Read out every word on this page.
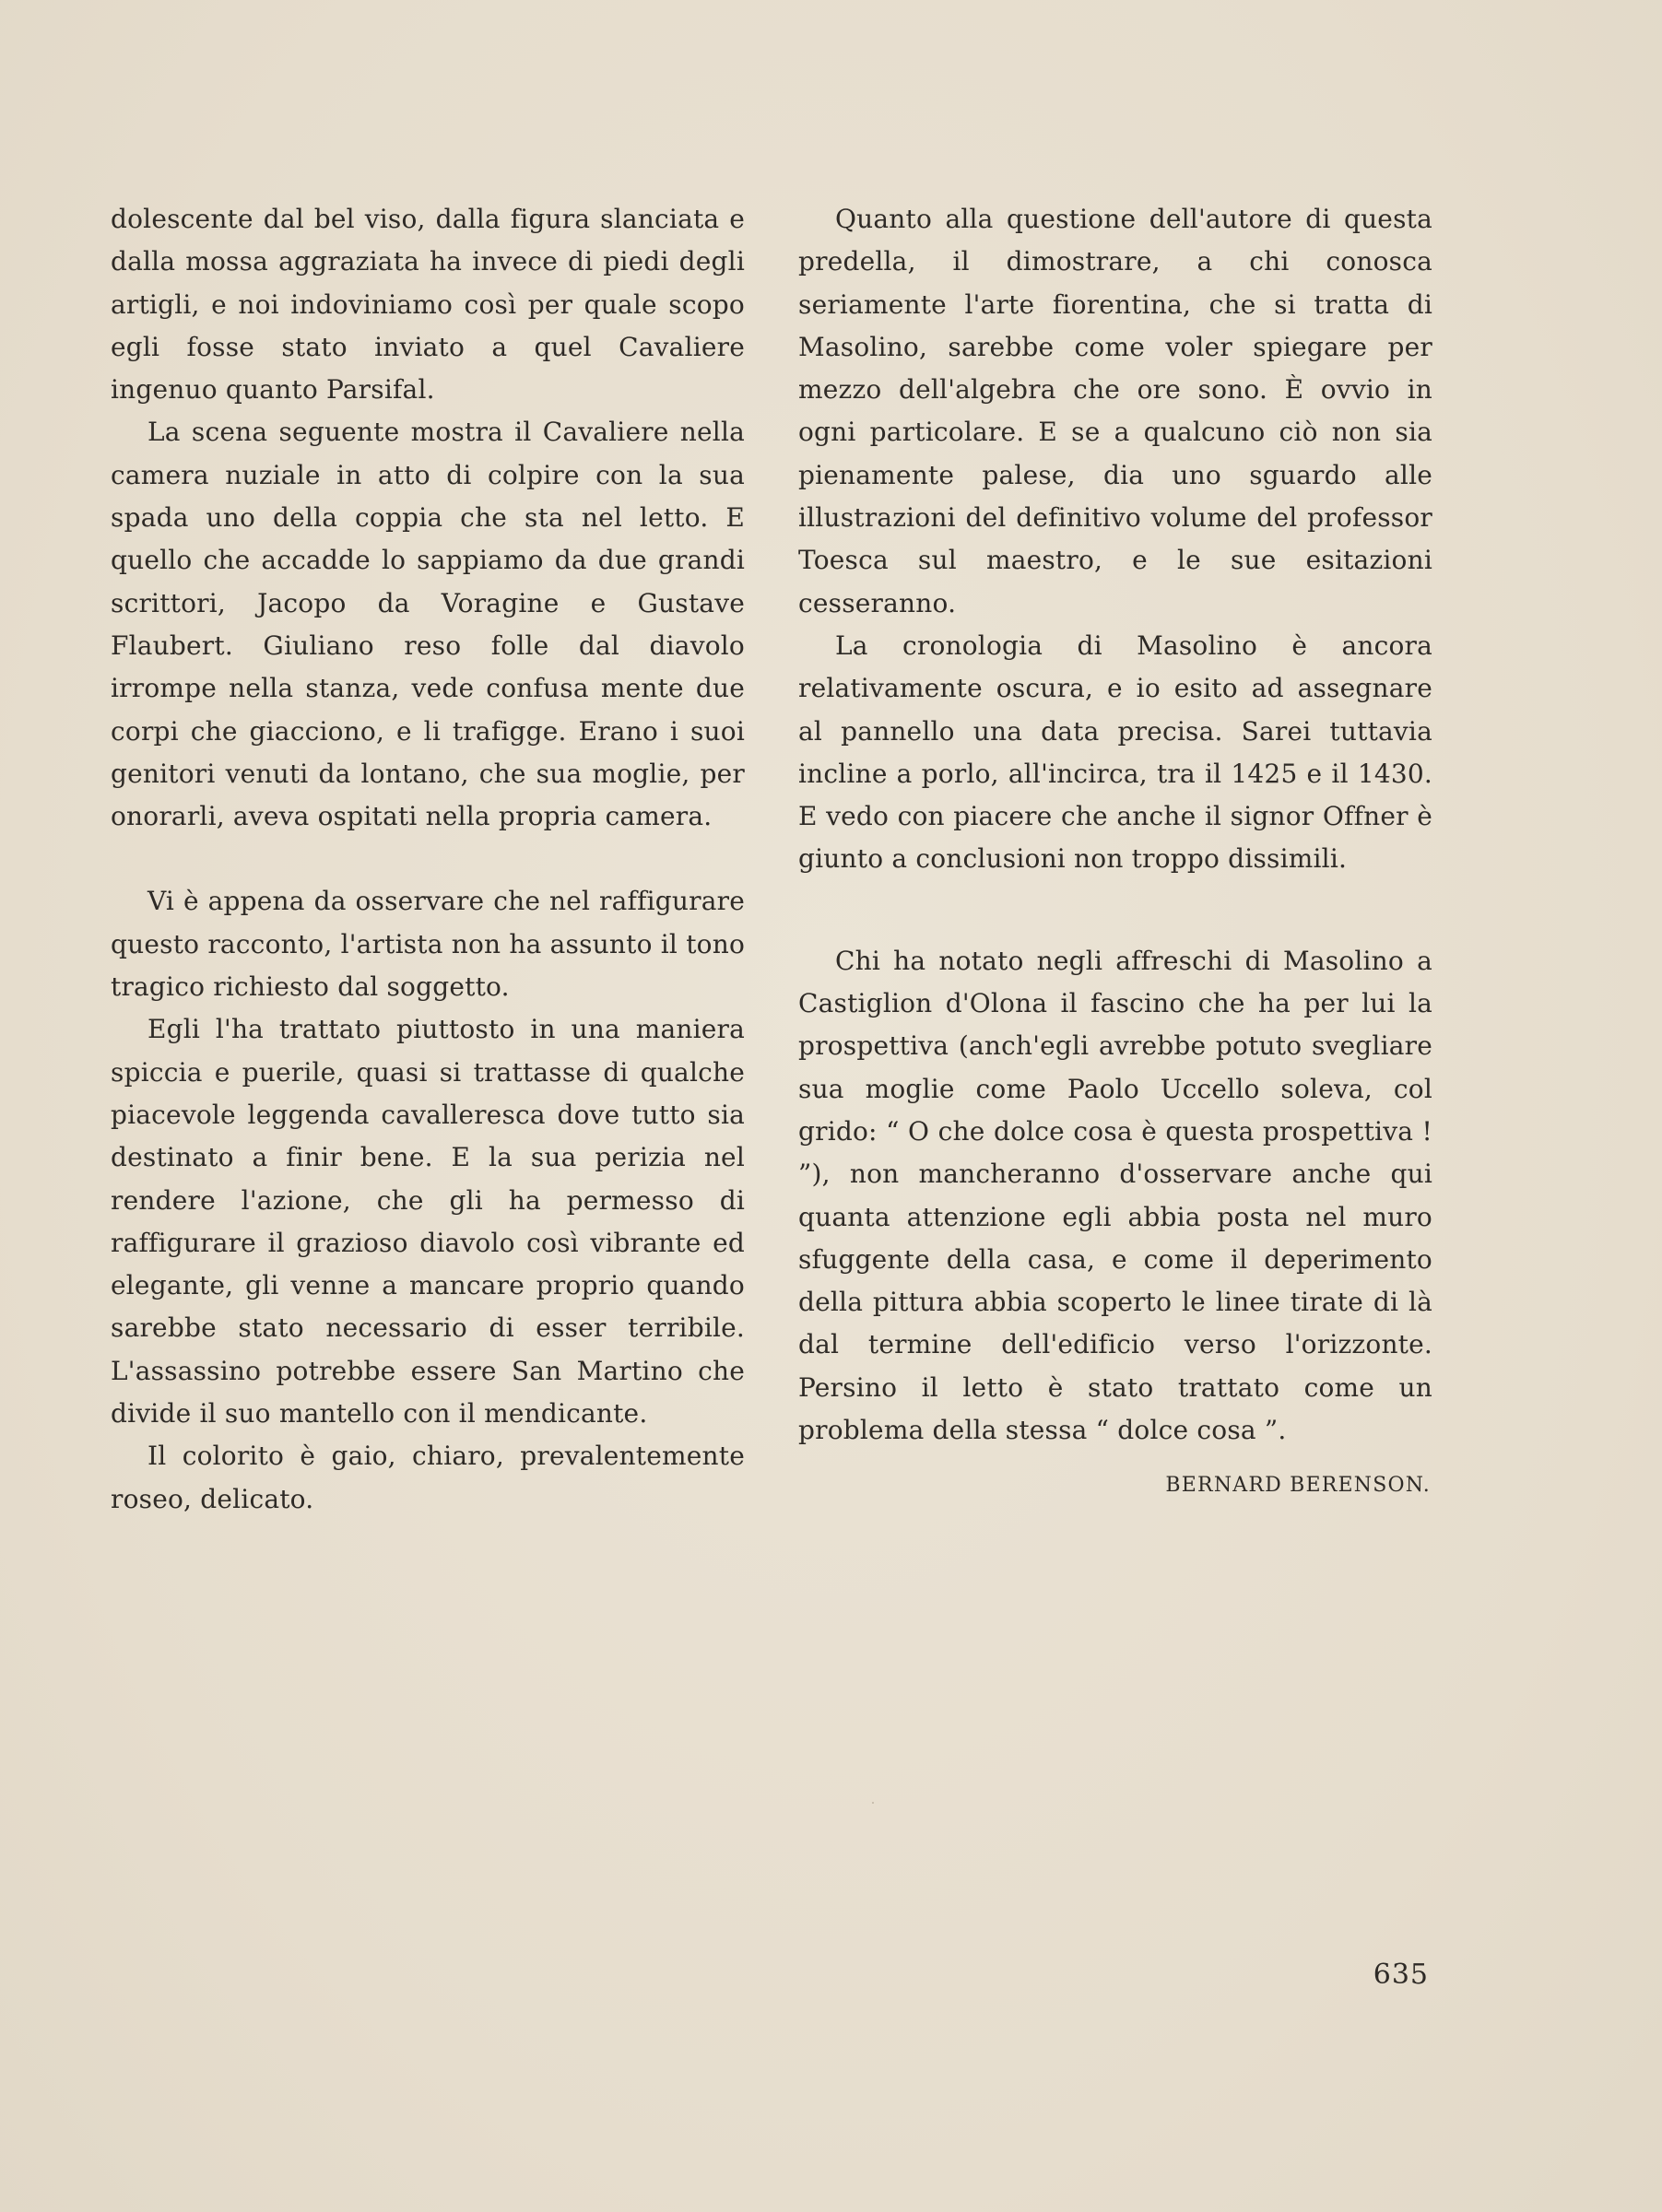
dolescente dal bel viso, dalla figura slanciata e dalla mossa aggraziata ha invece di piedi degli artigli, e noi indoviniamo così per quale scopo egli fosse stato inviato a quel Cavaliere ingenuo quanto Parsifal.

La scena seguente mostra il Cavaliere nella camera nuziale in atto di colpire con la sua spada uno della coppia che sta nel letto. E quello che accadde lo sappiamo da due grandi scrittori, Jacopo da Voragine e Gustave Flaubert. Giuliano reso folle dal diavolo irrompe nella stanza, vede confusa mente due corpi che giacciono, e li trafigge. Erano i suoi genitori venuti da lontano, che sua moglie, per onorarli, aveva ospitati nella propria camera.

Vi è appena da osservare che nel raffigurare questo racconto, l'artista non ha assunto il tono tragico richiesto dal soggetto.

Egli l'ha trattato piuttosto in una maniera spiccia e puerile, quasi si trattasse di qualche piacevole leggenda cavalleresca dove tutto sia destinato a finir bene. E la sua perizia nel rendere l'azione, che gli ha permesso di raffigurare il grazioso diavolo così vibrante ed elegante, gli venne a mancare proprio quando sarebbe stato necessario di esser terribile. L'assassino potrebbe essere San Martino che divide il suo mantello con il mendicante.

Il colorito è gaio, chiaro, prevalentemente roseo, delicato.

Quanto alla questione dell'autore di questa predella, il dimostrare, a chi conosca seriamente l'arte fiorentina, che si tratta di Masolino, sarebbe come voler spiegare per mezzo dell'algebra che ore sono. È ovvio in ogni particolare. E se a qualcuno ciò non sia pienamente palese, dia uno sguardo alle illustrazioni del definitivo volume del professor Toesca sul maestro, e le sue esitazioni cesseranno.

La cronologia di Masolino è ancora relativamente oscura, e io esito ad assegnare al pannello una data precisa. Sarei tuttavia incline a porlo, all'incirca, tra il 1425 e il 1430. E vedo con piacere che anche il signor Offner è giunto a conclusioni non troppo dissimili.

Chi ha notato negli affreschi di Masolino a Castiglion d'Olona il fascino che ha per lui la prospettiva (anch'egli avrebbe potuto svegliare sua moglie come Paolo Uccello soleva, col grido: “ O che dolce cosa è questa prospettiva ! ”), non mancheranno d'osservare anche qui quanta attenzione egli abbia posta nel muro sfuggente della casa, e come il deperimento della pittura abbia scoperto le linee tirate di là dal termine dell'edificio verso l'orizzonte. Persino il letto è stato trattato come un problema della stessa “ dolce cosa ”.

BERNARD BERENSON.
635
